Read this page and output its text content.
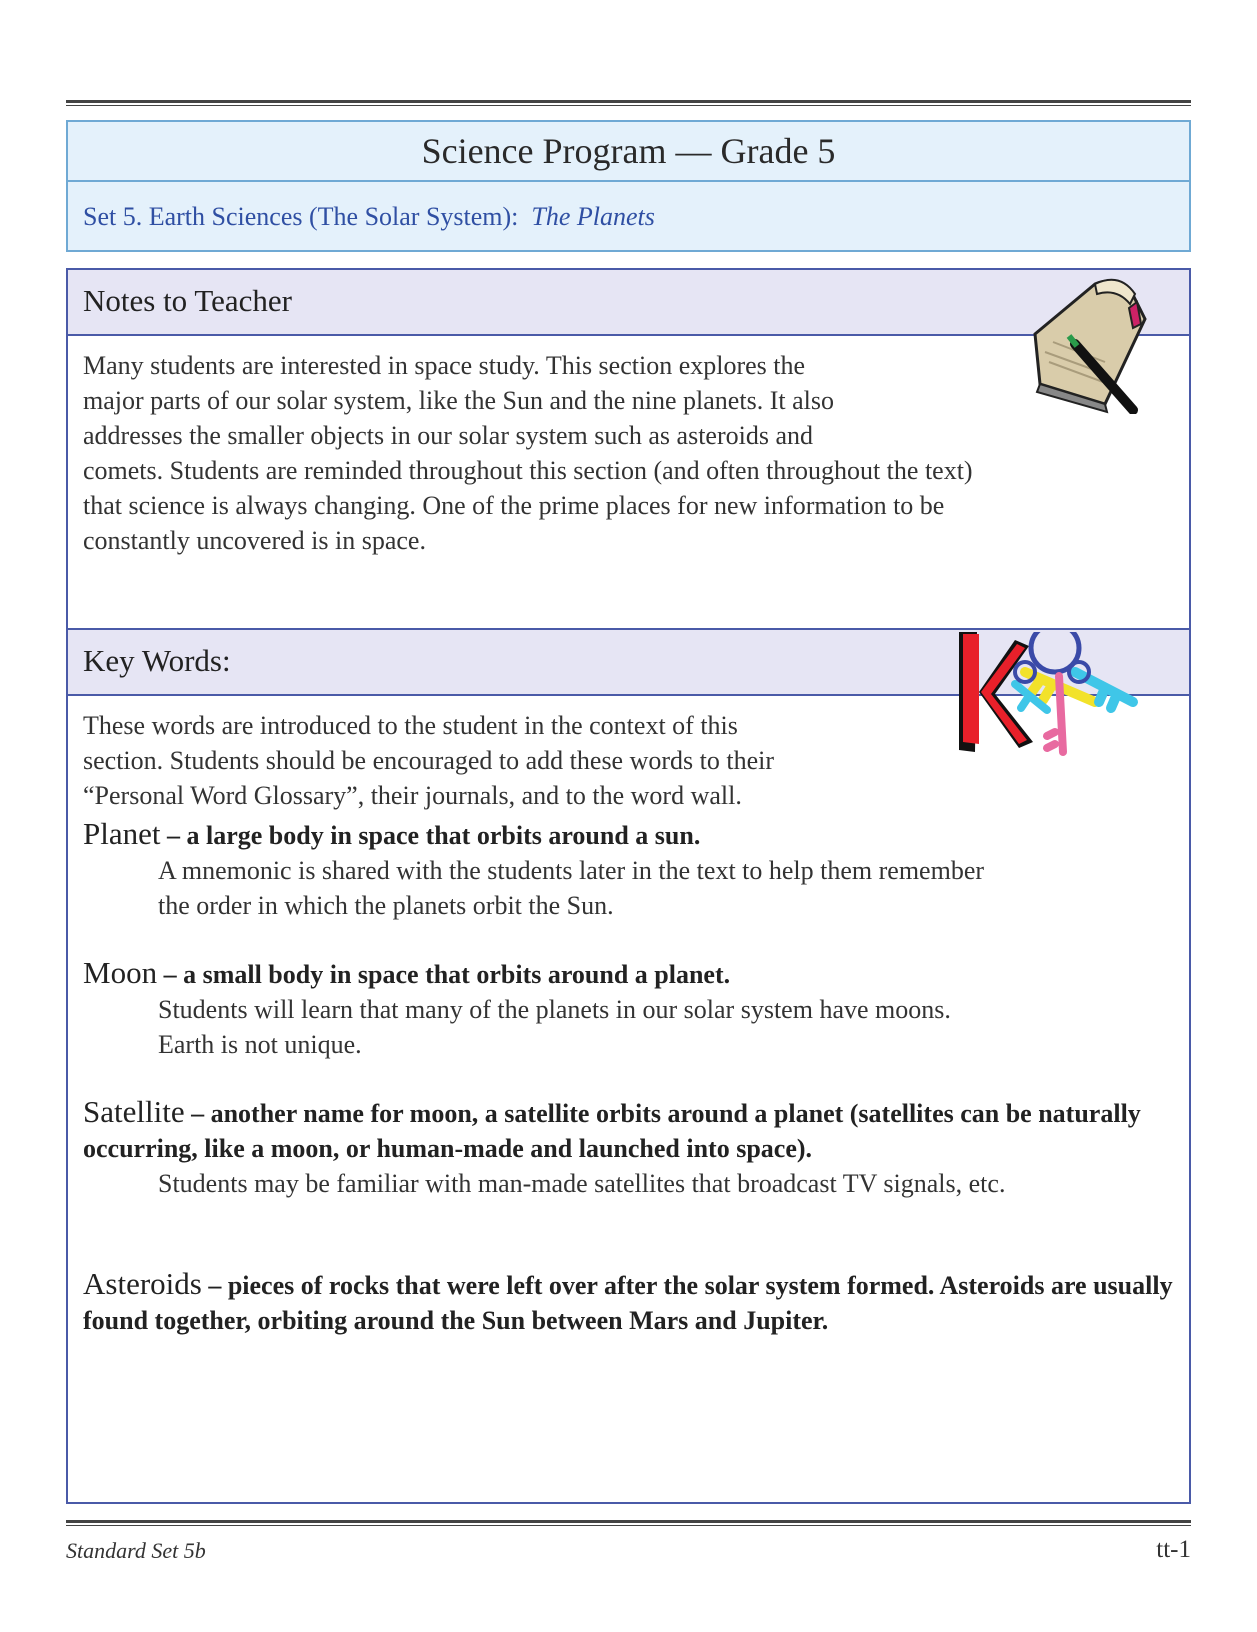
Science Program — Grade 5
Set 5. Earth Sciences (The Solar System): The Planets
Notes to Teacher

Many students are interested in space study. This section explores the
major parts of our solar system, like the Sun and the nine planets. It also
addresses the smaller objects in our solar system such as asteroids and
comets. Students are reminded throughout this section (and often throughout the text)
that science is always changing. One of the prime places for new information to be
constantly uncovered is in space.

Key Words:

These words are introduced to the student in the context of this
section. Students should be encouraged to add these words to their
“Personal Word Glossary”, their journals, and to the word wall.

Planet – a large body in space that orbits around a sun.
A mnemonic is shared with the students later in the text to help them remember
the order in which the planets orbit the Sun.

Moon – a small body in space that orbits around a planet.
Students will learn that many of the planets in our solar system have moons.
Earth is not unique.

Satellite – another name for moon, a satellite orbits around a planet (satellites can be naturally occurring, like a moon, or human-made and launched into space).
Students may be familiar with man-made satellites that broadcast TV signals, etc.

Asteroids – pieces of rocks that were left over after the solar system formed. Asteroids are usually found together, orbiting around the Sun between Mars and Jupiter.

Standard Set 5b	tt-1
